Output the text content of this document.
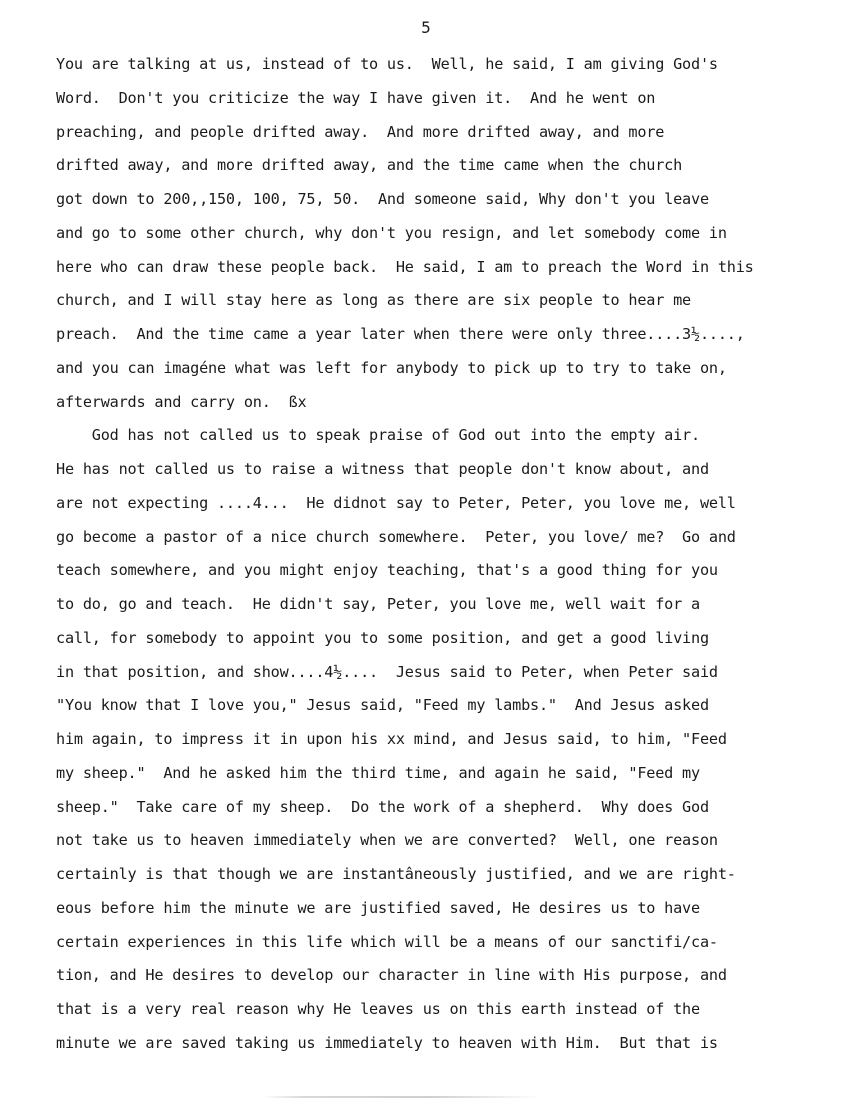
5
You are talking at us, instead of to us.  Well, he said, I am giving God's
Word.  Don't you criticize the way I have given it.  And he went on
preaching, and people drifted away.  And more drifted away, and more
drifted away, and more drifted away, and the time came when the church
got down to 200,,150, 100, 75, 50.  And someone said, Why don't you leave
and go to some other church, why don't you resign, and let somebody come in
here who can draw these people back.  He said, I am to preach the Word in this
church, and I will stay here as long as there are six people to hear me
preach.  And the time came a year later when there were only three....3½....,
and you can imagéne what was left for anybody to pick up to try to take on,
afterwards and carry on.  ßx
God has not called us to speak praise of God out into the empty air.
He has not called us to raise a witness that people don't know about, and
are not expecting ....4...  He didnot say to Peter, Peter, you love me, well
go become a pastor of a nice church somewhere.  Peter, you love/ me?  Go and
teach somewhere, and you might enjoy teaching, that's a good thing for you
to do, go and teach.  He didn't say, Peter, you love me, well wait for a
call, for somebody to appoint you to some position, and get a good living
in that position, and show....4½....  Jesus said to Peter, when Peter said
"You know that I love you," Jesus said, "Feed my lambs."  And Jesus asked
him again, to impress it in upon his xx mind, and Jesus said, to him, "Feed
my sheep."  And he asked him the third time, and again he said, "Feed my
sheep."  Take care of my sheep.  Do the work of a shepherd.  Why does God
not take us to heaven immediately when we are converted?  Well, one reason
certainly is that though we are instantâneously justified, and we are right-
eous before him the minute we are justified saved, He desires us to have
certain experiences in this life which will be a means of our sanctifi/ca-
tion, and He desires to develop our character in line with His purpose, and
that is a very real reason why He leaves us on this earth instead of the
minute we are saved taking us immediately to heaven with Him.  But that is
